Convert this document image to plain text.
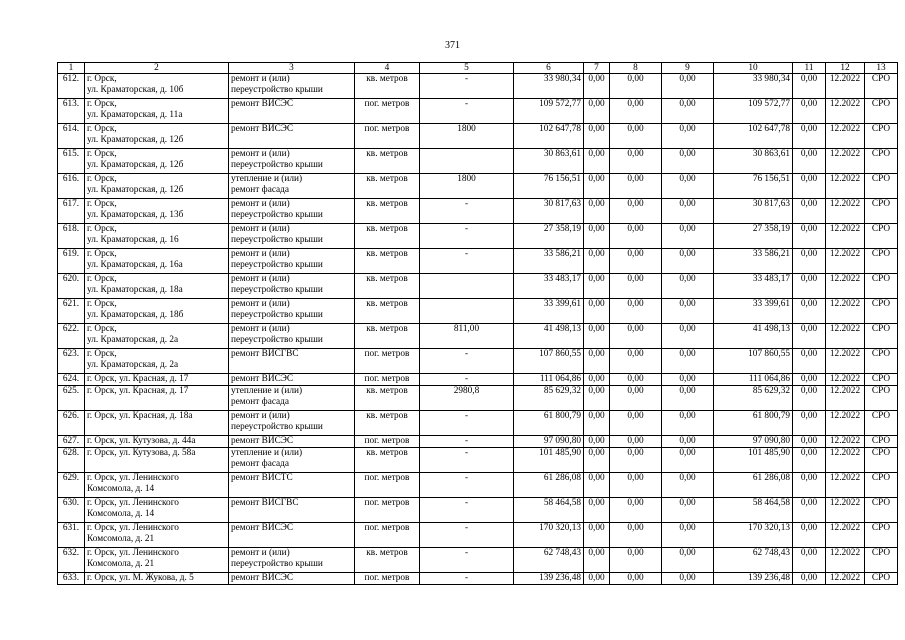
371
1	2	3	4	5	6	7	8	9	10	11	12	13
612.	г. Орск,
ул. Краматорская, д. 10б	ремонт и (или)
переустройство крыши	кв. метров	-	33 980,34	0,00	0,00	0,00	33 980,34	0,00	12.2022	СРО
613.	г. Орск,
ул. Краматорская, д. 11а	ремонт ВИСЭС	пог. метров	-	109 572,77	0,00	0,00	0,00	109 572,77	0,00	12.2022	СРО
614.	г. Орск,
ул. Краматорская, д. 12б	ремонт ВИСЭС	пог. метров	1800	102 647,78	0,00	0,00	0,00	102 647,78	0,00	12.2022	СРО
615.	г. Орск,
ул. Краматорская, д. 12б	ремонт и (или)
переустройство крыши	кв. метров		30 863,61	0,00	0,00	0,00	30 863,61	0,00	12.2022	СРО
616.	г. Орск,
ул. Краматорская, д. 12б	утепление и (или)
ремонт фасада	кв. метров	1800	76 156,51	0,00	0,00	0,00	76 156,51	0,00	12.2022	СРО
617.	г. Орск,
ул. Краматорская, д. 13б	ремонт и (или)
переустройство крыши	кв. метров	-	30 817,63	0,00	0,00	0,00	30 817,63	0,00	12.2022	СРО
618.	г. Орск,
ул. Краматорская, д. 16	ремонт и (или)
переустройство крыши	кв. метров	-	27 358,19	0,00	0,00	0,00	27 358,19	0,00	12.2022	СРО
619.	г. Орск,
ул. Краматорская, д. 16а	ремонт и (или)
переустройство крыши	кв. метров	-	33 586,21	0,00	0,00	0,00	33 586,21	0,00	12.2022	СРО
620.	г. Орск,
ул. Краматорская, д. 18а	ремонт и (или)
переустройство крыши	кв. метров		33 483,17	0,00	0,00	0,00	33 483,17	0,00	12.2022	СРО
621.	г. Орск,
ул. Краматорская, д. 18б	ремонт и (или)
переустройство крыши	кв. метров		33 399,61	0,00	0,00	0,00	33 399,61	0,00	12.2022	СРО
622.	г. Орск,
ул. Краматорская, д. 2а	ремонт и (или)
переустройство крыши	кв. метров	811,00	41 498,13	0,00	0,00	0,00	41 498,13	0,00	12.2022	СРО
623.	г. Орск,
ул. Краматорская, д. 2а	ремонт ВИСГВС	пог. метров	-	107 860,55	0,00	0,00	0,00	107 860,55	0,00	12.2022	СРО
624.	г. Орск, ул. Красная, д. 17	ремонт ВИСЭС	пог. метров	-	111 064,86	0,00	0,00	0,00	111 064,86	0,00	12.2022	СРО
625.	г. Орск, ул. Красная, д. 17	утепление и (или)
ремонт фасада	кв. метров	2980,8	85 629,32	0,00	0,00	0,00	85 629,32	0,00	12.2022	СРО
626.	г. Орск, ул. Красная, д. 18а	ремонт и (или)
переустройство крыши	кв. метров	-	61 800,79	0,00	0,00	0,00	61 800,79	0,00	12.2022	СРО
627.	г. Орск, ул. Кутузова, д. 44а	ремонт ВИСЭС	пог. метров	-	97 090,80	0,00	0,00	0,00	97 090,80	0,00	12.2022	СРО
628.	г. Орск, ул. Кутузова, д. 58а	утепление и (или)
ремонт фасада	кв. метров	-	101 485,90	0,00	0,00	0,00	101 485,90	0,00	12.2022	СРО
629.	г. Орск, ул. Ленинского
Комсомола, д. 14	ремонт ВИСТС	пог. метров	-	61 286,08	0,00	0,00	0,00	61 286,08	0,00	12.2022	СРО
630.	г. Орск, ул. Ленинского
Комсомола, д. 14	ремонт ВИСГВС	пог. метров	-	58 464,58	0,00	0,00	0,00	58 464,58	0,00	12.2022	СРО
631.	г. Орск, ул. Ленинского
Комсомола, д. 21	ремонт ВИСЭС	пог. метров	-	170 320,13	0,00	0,00	0,00	170 320,13	0,00	12.2022	СРО
632.	г. Орск, ул. Ленинского
Комсомола, д. 21	ремонт и (или)
переустройство крыши	кв. метров	-	62 748,43	0,00	0,00	0,00	62 748,43	0,00	12.2022	СРО
633.	г. Орск, ул. М. Жукова, д. 5	ремонт ВИСЭС	пог. метров	-	139 236,48	0,00	0,00	0,00	139 236,48	0,00	12.2022	СРО
